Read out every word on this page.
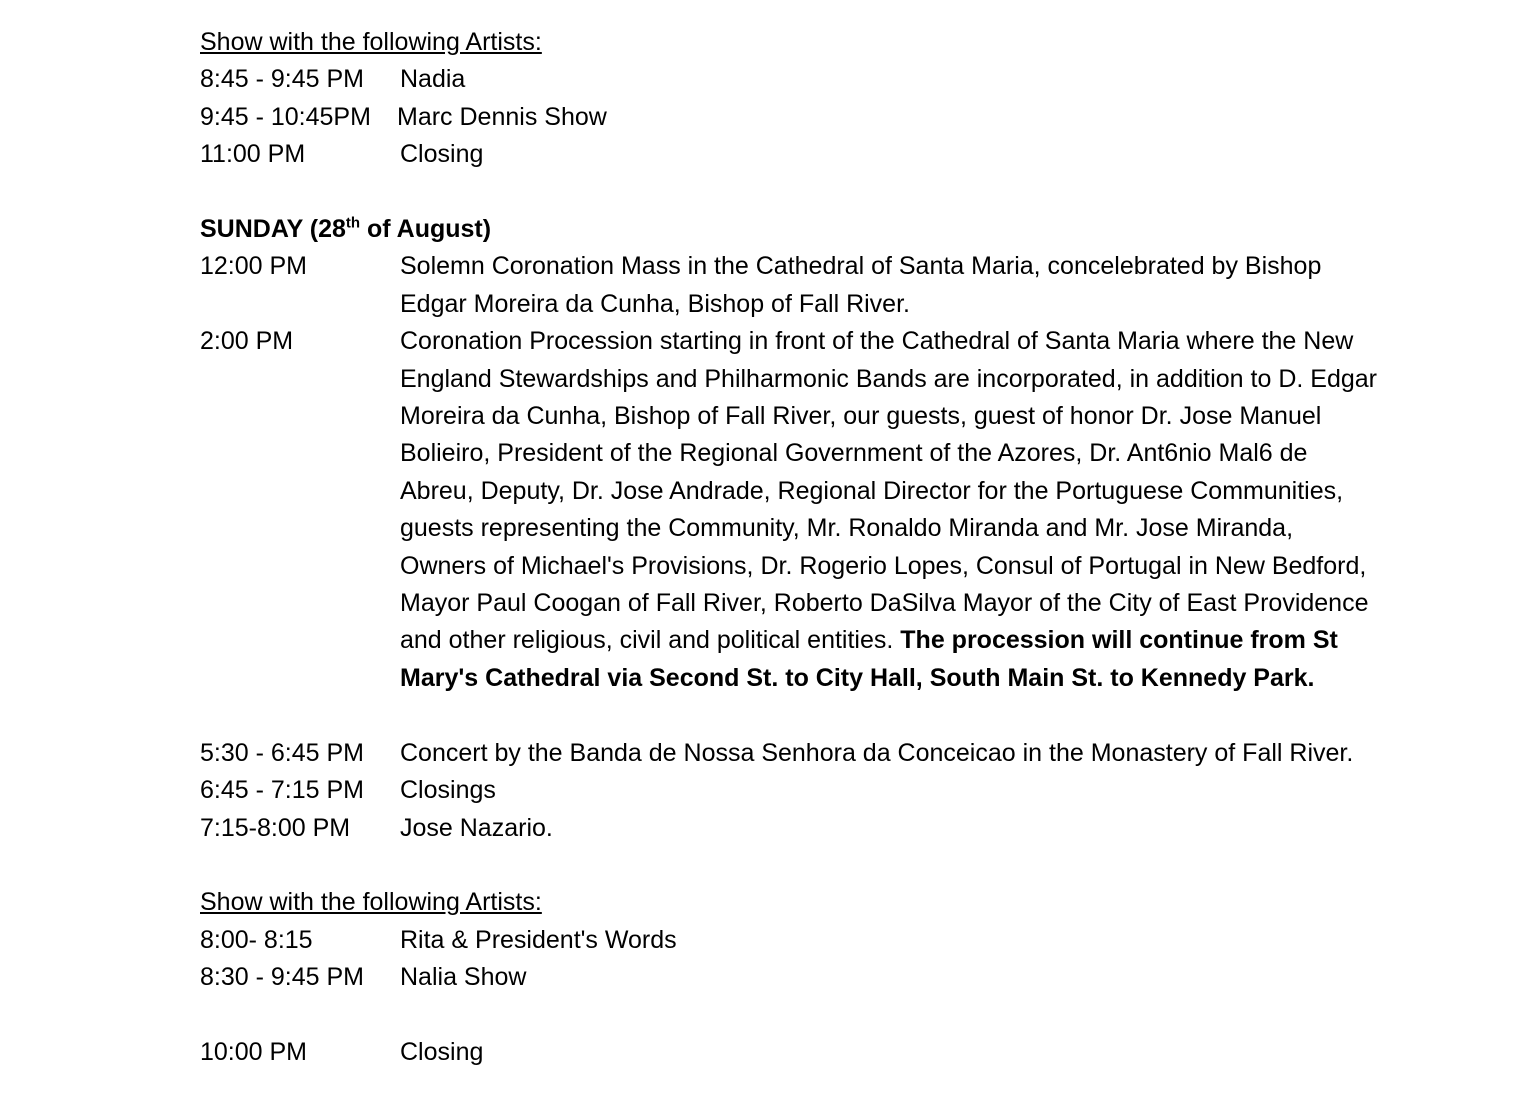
Show with the following Artists:
8:45 - 9:45 PM	Nadia
9:45 - 10:45PM	Marc Dennis Show
11:00 PM	Closing
SUNDAY (28th of August)
12:00 PM	Solemn Coronation Mass in the Cathedral of Santa Maria, concelebrated by Bishop
Edgar Moreira da Cunha, Bishop of Fall River.
2:00 PM	Coronation Procession starting in front of the Cathedral of Santa Maria where the New
England Stewardships and Philharmonic Bands are incorporated, in addition to D. Edgar
Moreira da Cunha, Bishop of Fall River, our guests, guest of honor Dr. Jose Manuel
Bolieiro, President of the Regional Government of the Azores, Dr. Ant6nio Mal6 de
Abreu, Deputy, Dr. Jose Andrade, Regional Director for the Portuguese Communities,
guests representing the Community, Mr. Ronaldo Miranda and Mr. Jose Miranda,
Owners of Michael's Provisions, Dr. Rogerio Lopes, Consul of Portugal in New Bedford,
Mayor Paul Coogan of Fall River, Roberto DaSilva Mayor of the City of East Providence
and other religious, civil and political entities. The procession will continue from St
Mary's Cathedral via Second St. to City Hall, South Main St. to Kennedy Park.
5:30 - 6:45 PM	Concert by the Banda de Nossa Senhora da Conceicao in the Monastery of Fall River.
6:45 - 7:15 PM	Closings
7:15-8:00 PM	Jose Nazario.
Show with the following Artists:
8:00- 8:15	Rita & President's Words
8:30 - 9:45 PM	Nalia Show
10:00 PM	Closing
